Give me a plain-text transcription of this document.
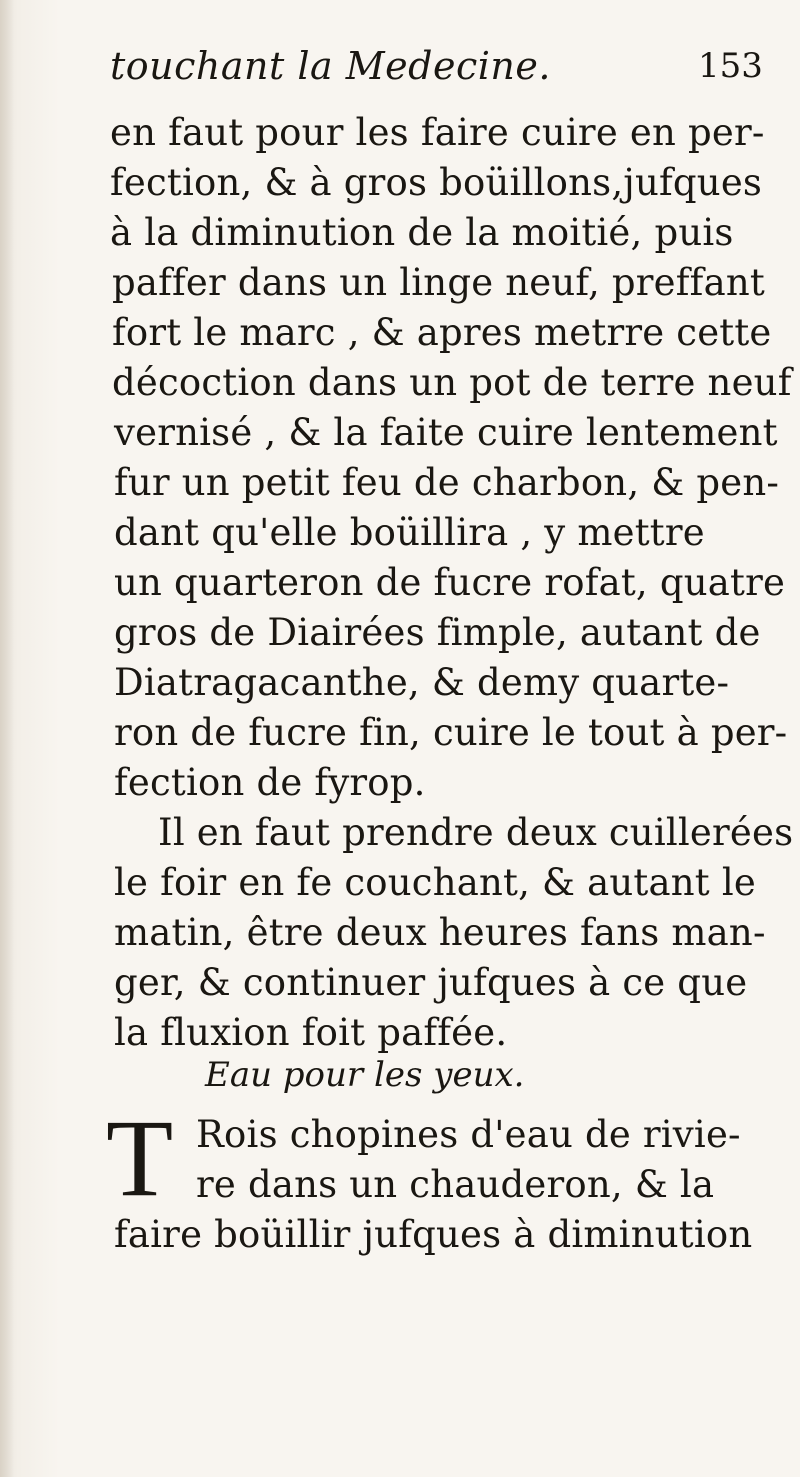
touchant la Medecine.	153
en faut pour les faire cuire en per-
fection, & à gros boüillons,jufques
à la diminution de la moitié, puis
paffer dans un linge neuf, preffant
fort le marc , & apres metrre cette
décoction dans un pot de terre neuf
vernisé , & la faite cuire lentement
fur un petit feu de charbon, & pen-
dant qu'elle boüillira , y mettre
un quarteron de fucre rofat, quatre
gros de Diairées fimple, autant de
Diatragacanthe, & demy quarte-
ron de fucre fin, cuire le tout à per-
fection de fyrop.
Il en faut prendre deux cuillerées
le foir en fe couchant, & autant le
matin, être deux heures fans man-
ger, & continuer jufques à ce que
la fluxion foit paffée.
Eau pour les yeux.
T Rois chopines d'eau de rivie-
re dans un chauderon, & la
faire boüillir jufques à diminution
